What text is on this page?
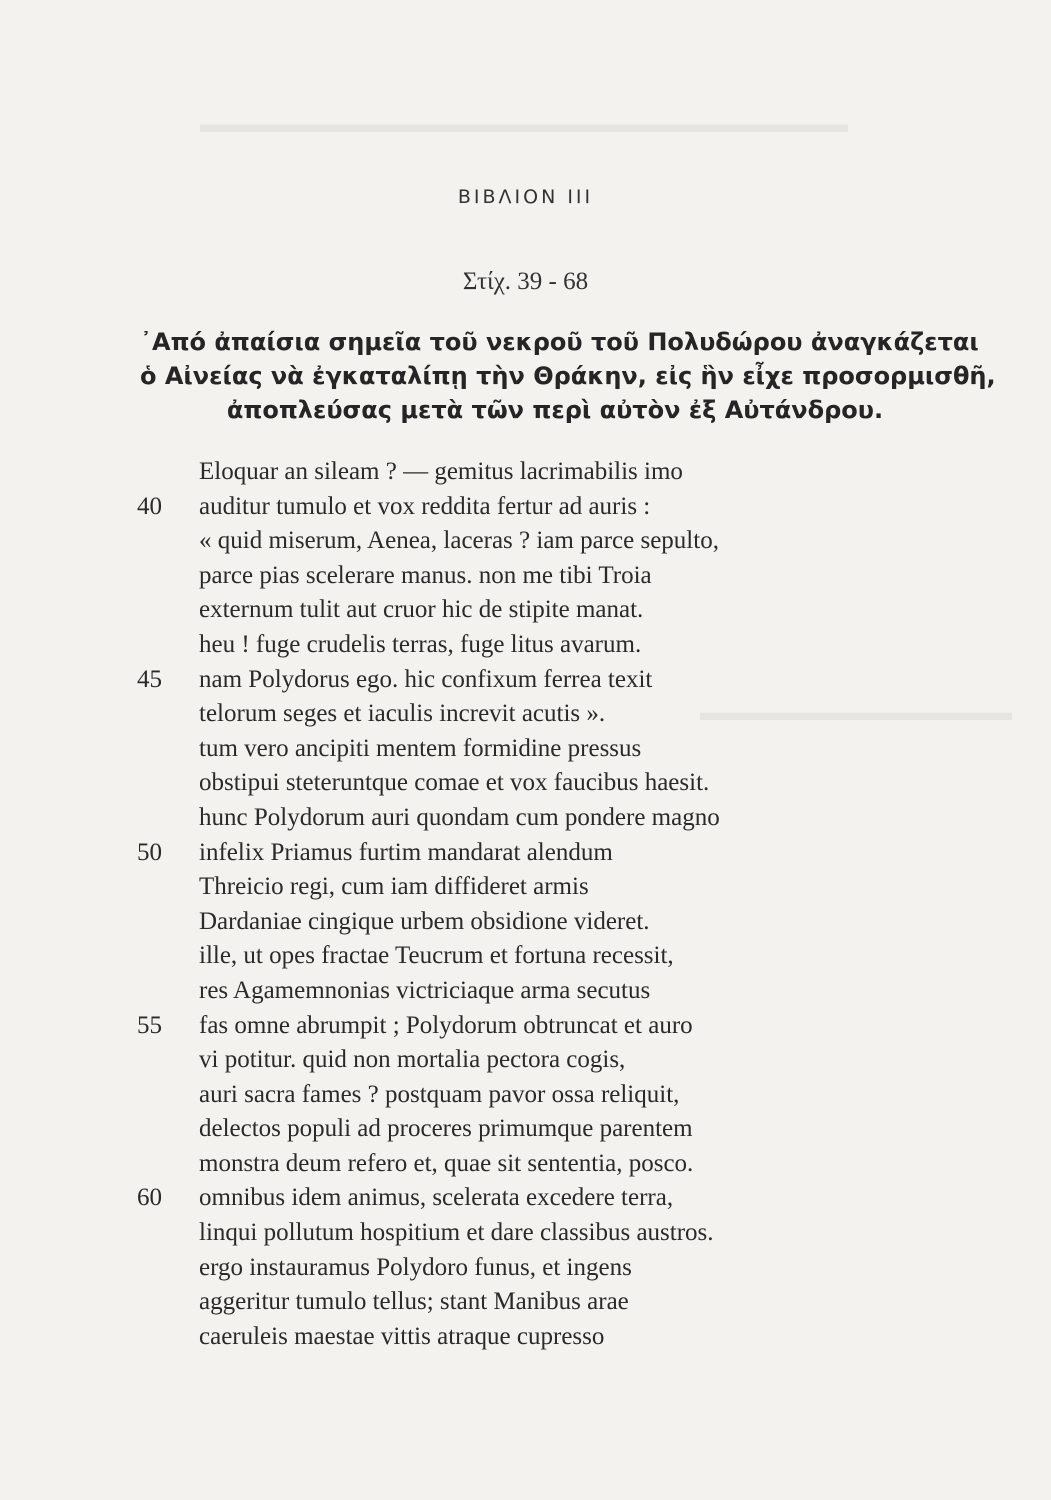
▬▬▬▬▬▬▬▬▬▬▬▬▬▬▬▬▬▬▬▬▬▬▬▬▬▬▬
▬▬▬▬▬▬▬▬▬▬▬▬▬
ΒΙΒΛΙΟΝ ΙΙΙ
Στίχ. 39 - 68
᾿Από ἀπαίσια σημεῖα τοῦ νεκροῦ τοῦ Πολυδώρου ἀναγκάζεται
ὁ Αἰνείας νὰ ἐγκαταλίπῃ τὴν Θράκην, εἰς ἣν εἶχε προσορμισθῆ,
ἀποπλεύσας μετὰ τῶν περὶ αὐτὸν ἐξ Αὐτάνδρου.
Eloquar an sileam ? — gemitus lacrimabilis imo
40	auditur tumulo et vox reddita fertur ad auris :
« quid miserum, Aenea, laceras ? iam parce sepulto,
parce pias scelerare manus. non me tibi Troia
externum tulit aut cruor hic de stipite manat.
heu ! fuge crudelis terras, fuge litus avarum.
45	nam Polydorus ego. hic confixum ferrea texit
telorum seges et iaculis increvit acutis ».
tum vero ancipiti mentem formidine pressus
obstipui steteruntque comae et vox faucibus haesit.
hunc Polydorum auri quondam cum pondere magno
50	infelix Priamus furtim mandarat alendum
Threicio regi, cum iam diffideret armis
Dardaniae cingique urbem obsidione videret.
ille, ut opes fractae Teucrum et fortuna recessit,
res Agamemnonias victriciaque arma secutus
55	fas omne abrumpit ; Polydorum obtruncat et auro
vi potitur. quid non mortalia pectora cogis,
auri sacra fames ? postquam pavor ossa reliquit,
delectos populi ad proceres primumque parentem
monstra deum refero et, quae sit sententia, posco.
60	omnibus idem animus, scelerata excedere terra,
linqui pollutum hospitium et dare classibus austros.
ergo instauramus Polydoro funus, et ingens
aggeritur tumulo tellus; stant Manibus arae
caeruleis maestae vittis atraque cupresso
